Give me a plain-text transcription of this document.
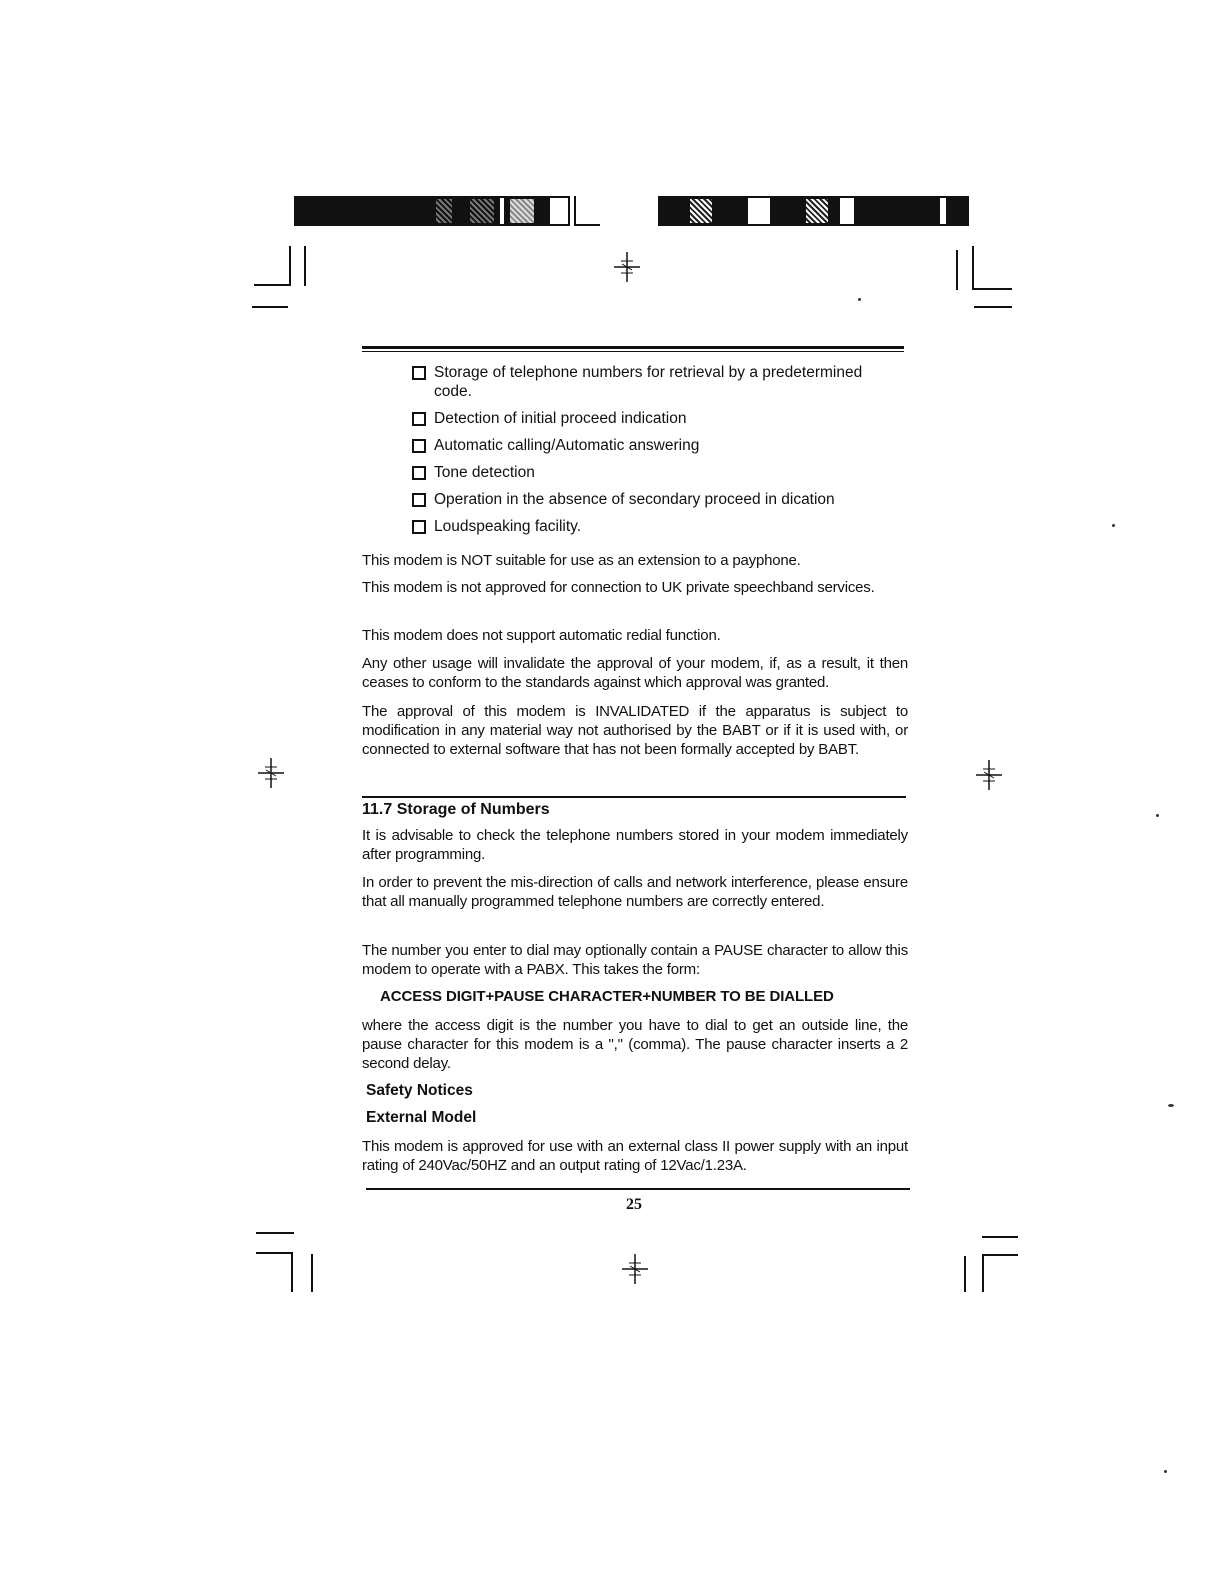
Storage of telephone numbers for retrieval by a predetermined code.
Detection of initial proceed indication
Automatic calling/Automatic answering
Tone detection
Operation in the absence of secondary proceed in dication
Loudspeaking facility.

This modem is NOT suitable for use as an extension to a payphone.

This modem is not approved for connection to UK private speechband services.

This modem does not support automatic redial function.

Any other usage will invalidate the approval of your modem, if, as a result, it then ceases to conform to the standards against which approval was granted.

The approval of this modem is INVALIDATED if the apparatus is subject to modification in any material way not authorised by the BABT or if it is used with, or connected to external software that has not been formally accepted by BABT.

11.7 Storage of Numbers

It is advisable to check the telephone numbers stored in your modem immediately after programming.

In order to prevent the mis-direction of calls and network interference, please ensure that all manually programmed telephone numbers are correctly entered.

The number you enter to dial may optionally contain a PAUSE character to allow this modem to operate with a PABX. This takes the form:

ACCESS DIGIT+PAUSE CHARACTER+NUMBER TO BE DIALLED

where the access digit is the number you have to dial to get an outside line, the pause character for this modem is a "," (comma). The pause character inserts a 2 second delay.

Safety Notices
External Model

This modem is approved for use with an external class II power supply with an input rating of 240Vac/50HZ and an output rating of 12Vac/1.23A.

25
